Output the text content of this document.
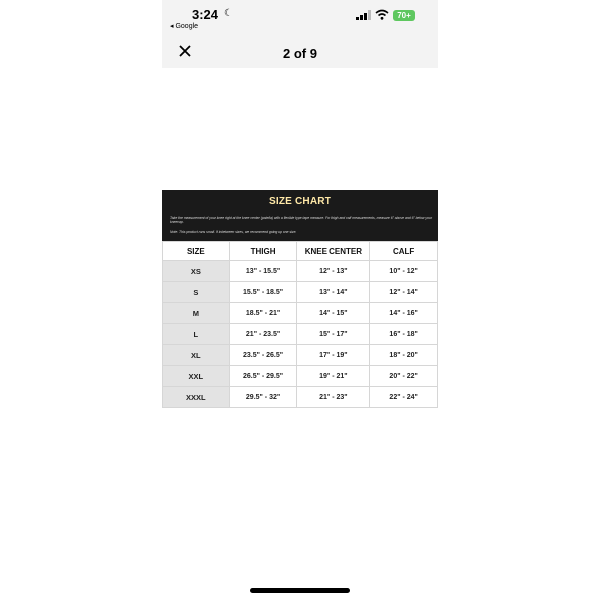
3:24 ☾
◂ Google
70+
2 of 9
SIZE CHART
Take the measurement of your knee right at the knee center (patella) with a flexible type tape measure. For thigh and calf measurements, measure 6" above and 6" below your kneecap.
Note: This product runs small. If inbetween sizes, we recommend going up one size.
SIZE	THIGH	KNEE CENTER	CALF
XS	13" - 15.5"	12" - 13"	10" - 12"
S	15.5" - 18.5"	13" - 14"	12" - 14"
M	18.5" - 21"	14" - 15"	14" - 16"
L	21" - 23.5"	15" - 17"	16" - 18"
XL	23.5" - 26.5"	17" - 19"	18" - 20"
XXL	26.5" - 29.5"	19" - 21"	20" - 22"
XXXL	29.5" - 32"	21" - 23"	22" - 24"
